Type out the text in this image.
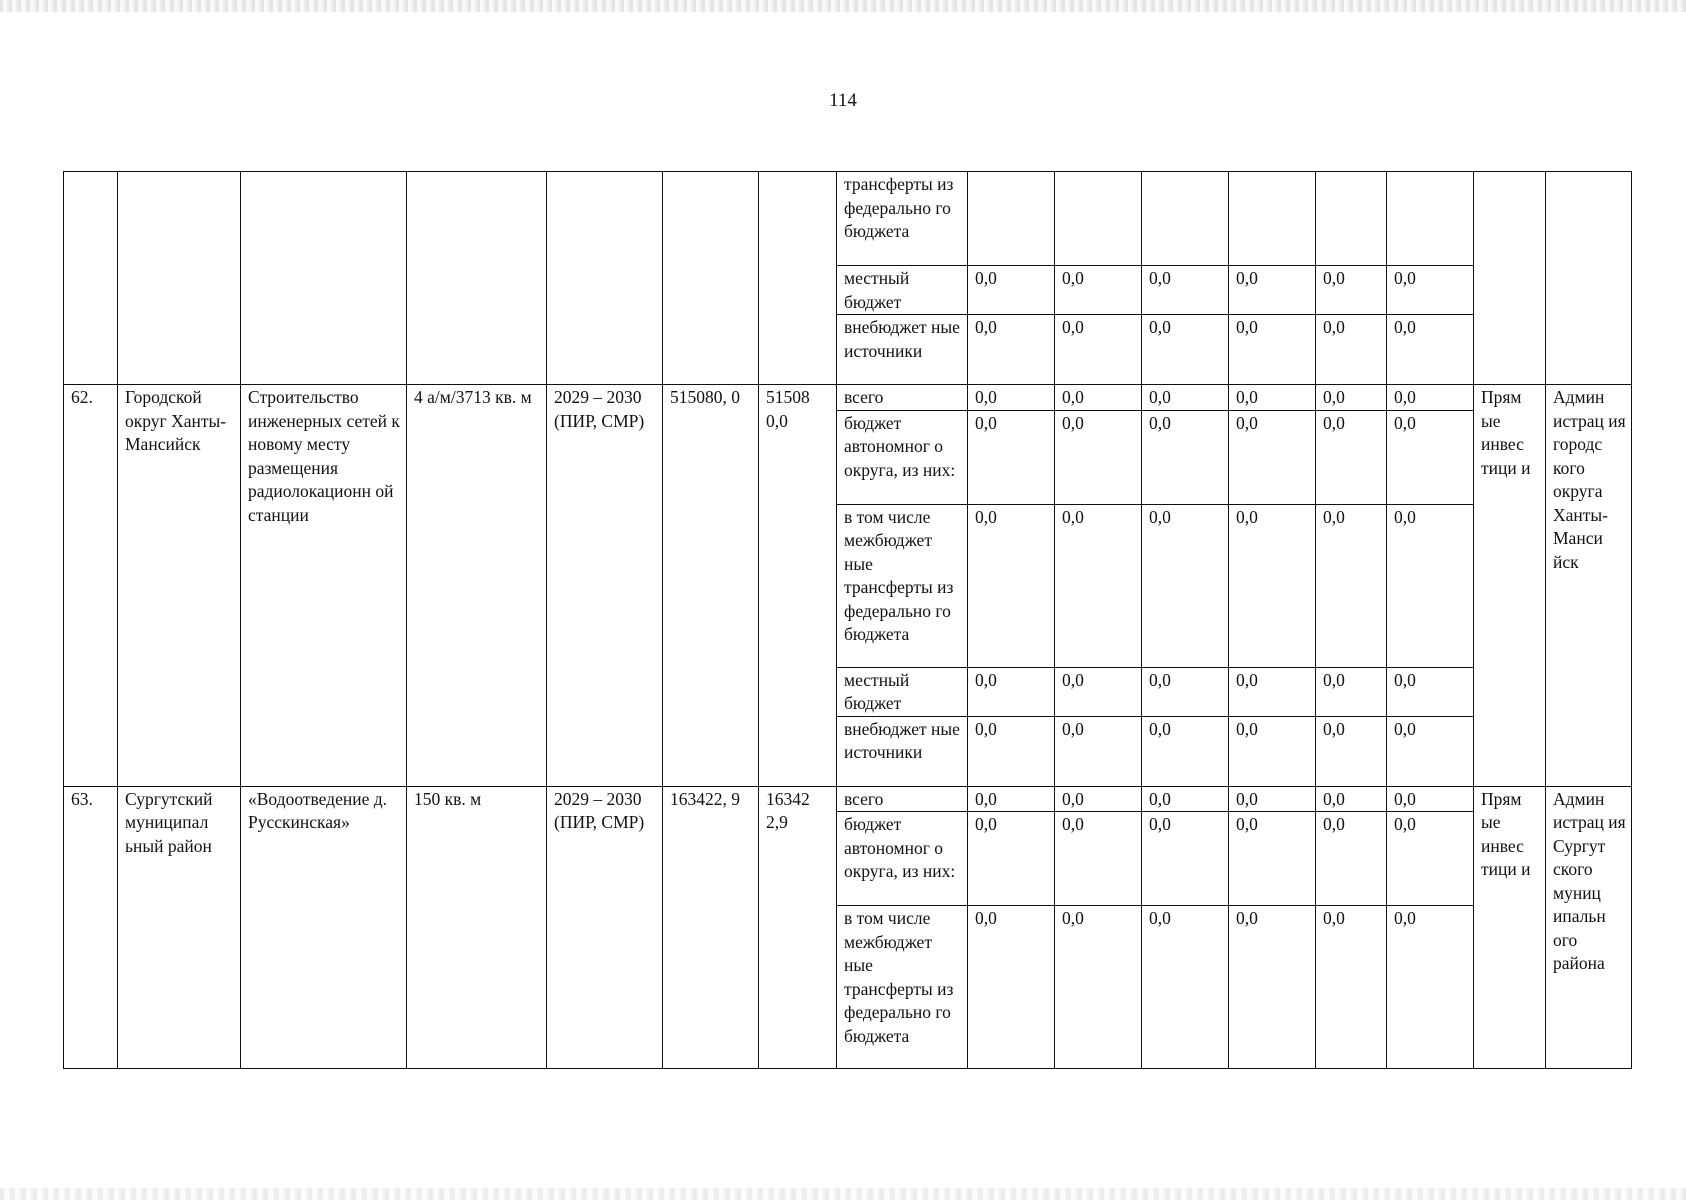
114
							трансферты из федерально го бюджета								
							местный бюджет	0,0	0,0	0,0	0,0	0,0	0,0		
							внебюджет ные источники	0,0	0,0	0,0	0,0	0,0	0,0		
62.	Городской округ Ханты-Мансийск	Строительство инженерных сетей к новому месту размещения радиолокационн ой станции	4 а/м/3713 кв. м	2029 – 2030 (ПИР, СМР)	515080, 0	51508 0,0	всего	0,0	0,0	0,0	0,0	0,0	0,0	Прям ые инвес тици и	Админ истрац ия городс кого округа Ханты-Манси йск
							бюджет автономног о округа, из них:	0,0	0,0	0,0	0,0	0,0	0,0		
							в том числе межбюджет ные трансферты из федерально го бюджета	0,0	0,0	0,0	0,0	0,0	0,0		
							местный бюджет	0,0	0,0	0,0	0,0	0,0	0,0		
							внебюджет ные источники	0,0	0,0	0,0	0,0	0,0	0,0		
63.	Сургутский муниципал ьный район	«Водоотведение д. Русскинская»	150 кв. м	2029 – 2030 (ПИР, СМР)	163422, 9	16342 2,9	всего	0,0	0,0	0,0	0,0	0,0	0,0	Прям ые инвес тици и	Админ истрац ия Сургут ского муниц ипальн ого района
							бюджет автономног о округа, из них:	0,0	0,0	0,0	0,0	0,0	0,0		
							в том числе межбюджет ные трансферты из федерально го бюджета	0,0	0,0	0,0	0,0	0,0	0,0		
